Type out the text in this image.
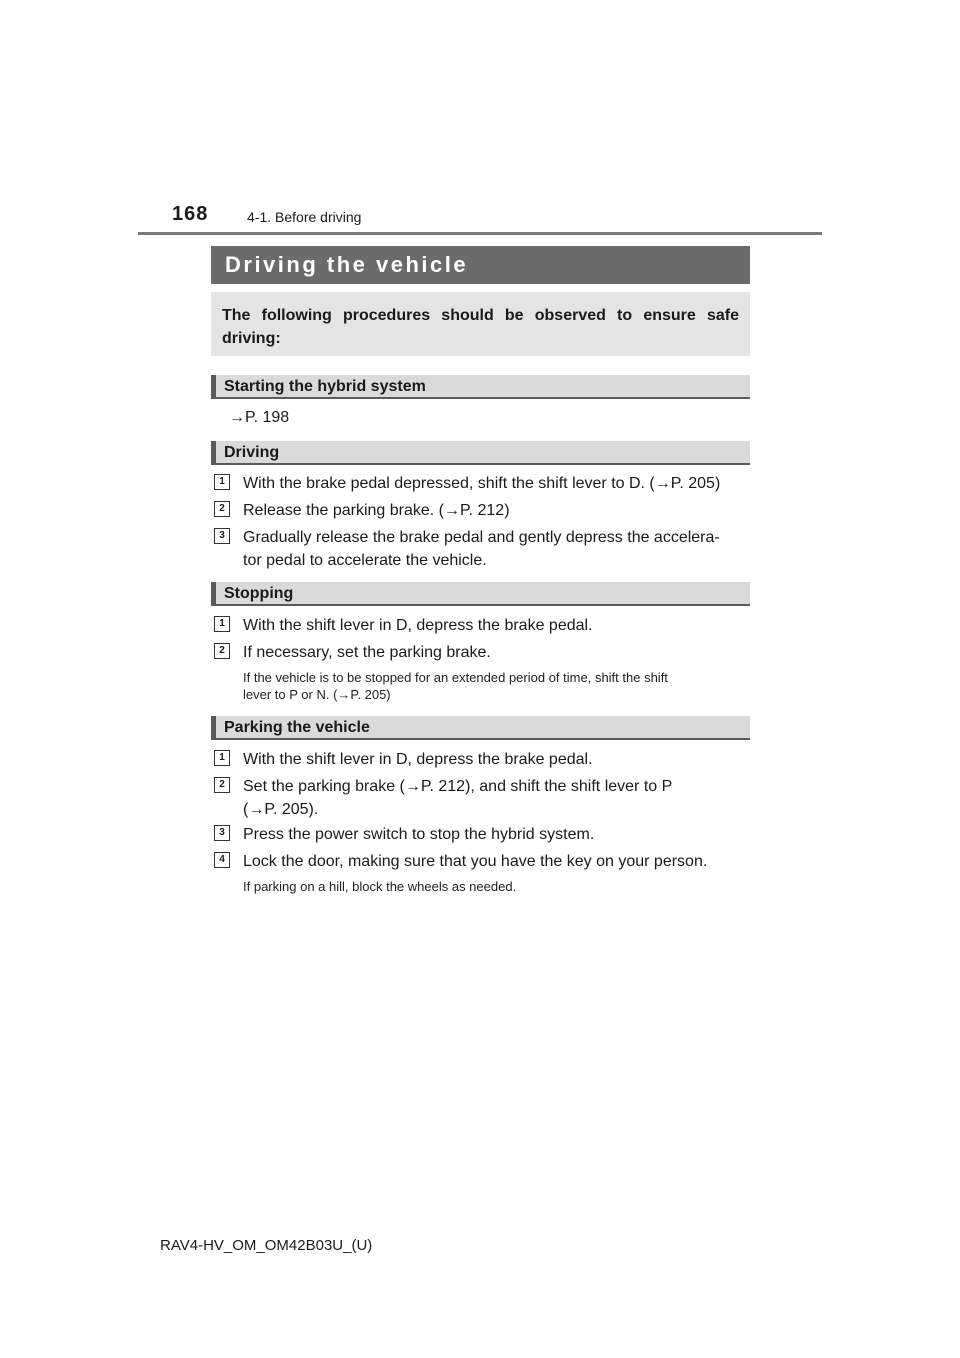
168	4-1. Before driving
Driving the vehicle
The following procedures should be observed to ensure safe driving:
Starting the hybrid system
→P. 198
Driving
1	With the brake pedal depressed, shift the shift lever to D. (→P. 205)
2	Release the parking brake. (→P. 212)
3	Gradually release the brake pedal and gently depress the accelera-
tor pedal to accelerate the vehicle.
Stopping
1	With the shift lever in D, depress the brake pedal.
2	If necessary, set the parking brake.
If the vehicle is to be stopped for an extended period of time, shift the shift
lever to P or N. (→P. 205)
Parking the vehicle
1	With the shift lever in D, depress the brake pedal.
2	Set the parking brake (→P. 212), and shift the shift lever to P
(→P. 205).
3	Press the power switch to stop the hybrid system.
4	Lock the door, making sure that you have the key on your person.
If parking on a hill, block the wheels as needed.
RAV4-HV_OM_OM42B03U_(U)
